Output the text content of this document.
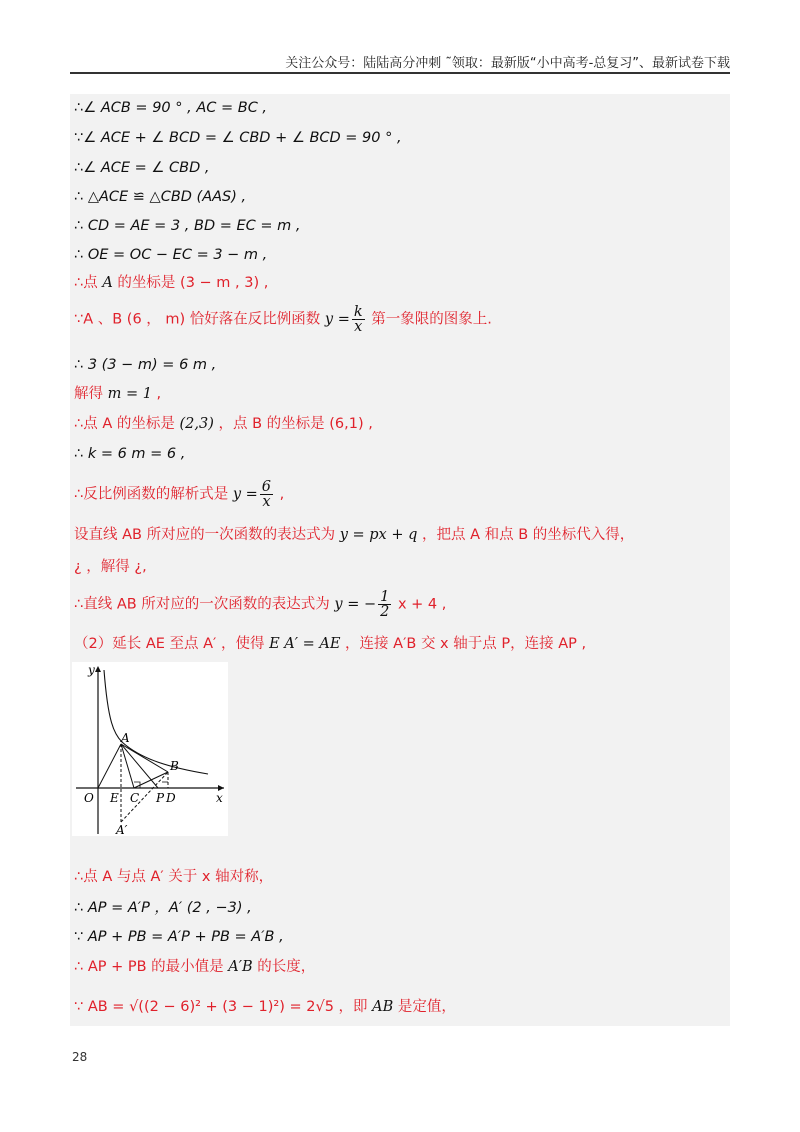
关注公众号：陆陆高分冲刺 ˜领取：最新版“小中高考-总复习”、最新试卷下载
∴∠ ACB = 90 ° , AC = BC ,
∵∠ ACE + ∠ BCD = ∠ CBD + ∠ BCD = 90 ° ,
∴∠ ACE = ∠ CBD ,
∴ △ACE ≌ △CBD (AAS) ,
∴ CD = AE = 3 , BD = EC = m ,
∴ OE = OC − EC = 3 − m ,
∴点 A 的坐标是 (3 − m , 3) ,
∵A 、B (6 ， m) 恰好落在反比例函数 $y = \frac{k}{x}$ 第一象限的图象上.
∴ 3 (3 − m) = 6 m ,
解得 m = 1 ,
∴点 A 的坐标是 (2,3) ，点 B 的坐标是 (6,1) ,
∴ k = 6 m = 6 ,
∴反比例函数的解析式是 $y = \frac{6}{x}$ ,
设直线 AB 所对应的一次函数的表达式为 y = px + q ，把点 A 和点 B 的坐标代入得，
¿ ，解得 ¿,
∴直线 AB 所对应的一次函数的表达式为 y = − $\frac{1}{2}$ x + 4 ,
（2）延长 AE 至点 A′ ，使得 E A′ = AE ，连接 A′B 交 x 轴于点 P，连接 AP ,
∴点 A 与点 A′ 关于 x 轴对称，
∴ AP = A′P ，A′ (2 , −3) ,
∵ AP + PB = A′P + PB = A′B ,
∴ AP + PB 的最小值是 A′B 的长度，
∵ AB = √((2 − 6)² + (3 − 1)²) = 2√5 ，即 AB 是定值，
y
A
B
O E C P D	x
A′
28
